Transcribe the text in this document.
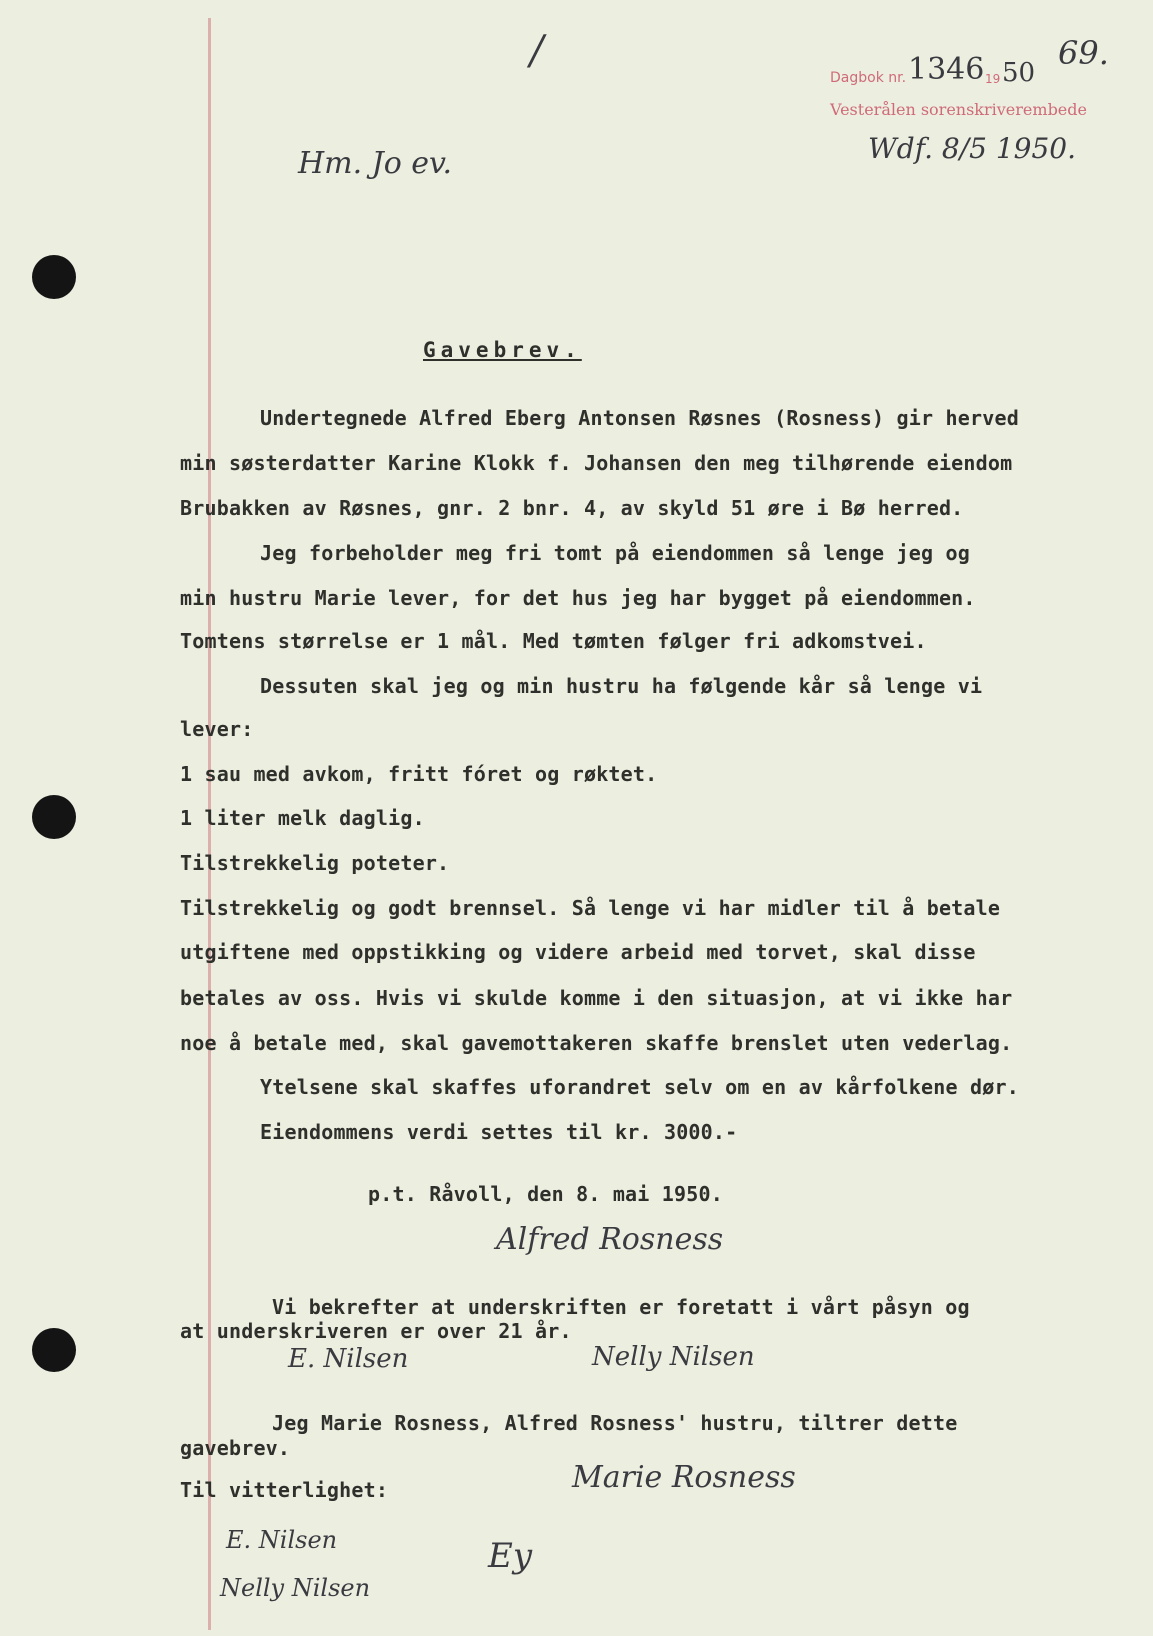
Dagbok nr. 1346 19 50
Vesterålen sorenskriverembede
69.
Wdf. 8/5 1950.
Hm. Jo ev.
/
Gavebrev.
Undertegnede Alfred Eberg Antonsen Røsnes (Rosness) gir herved
min søsterdatter Karine Klokk f. Johansen den meg tilhørende eiendom
Brubakken av Røsnes, gnr. 2 bnr. 4, av skyld 51 øre i Bø herred.
Jeg forbeholder meg fri tomt på eiendommen så lenge jeg og
min hustru Marie lever, for det hus jeg har bygget på eiendommen.
Tomtens størrelse er 1 mål. Med tømten følger fri adkomstvei.
Dessuten skal jeg og min hustru ha følgende kår så lenge vi
lever:
1 sau med avkom, fritt fóret og røktet.
1 liter melk daglig.
Tilstrekkelig poteter.
Tilstrekkelig og godt brennsel. Så lenge vi har midler til å betale
utgiftene med oppstikking og videre arbeid med torvet, skal disse
betales av oss. Hvis vi skulde komme i den situasjon, at vi ikke har
noe å betale med, skal gavemottakeren skaffe brenslet uten vederlag.
Ytelsene skal skaffes uforandret selv om en av kårfolkene dør.
Eiendommens verdi settes til kr. 3000.-
p.t. Råvoll, den 8. mai 1950.
Vi bekrefter at underskriften er foretatt i vårt påsyn og
at underskriveren er over 21 år.
Jeg Marie Rosness, Alfred Rosness' hustru, tiltrer dette
gavebrev.
Til vitterlighet:
Alfred Rosness
E. Nilsen	Nelly Nilsen
Marie Rosness
E. Nilsen
Nelly Nilsen
Ey
